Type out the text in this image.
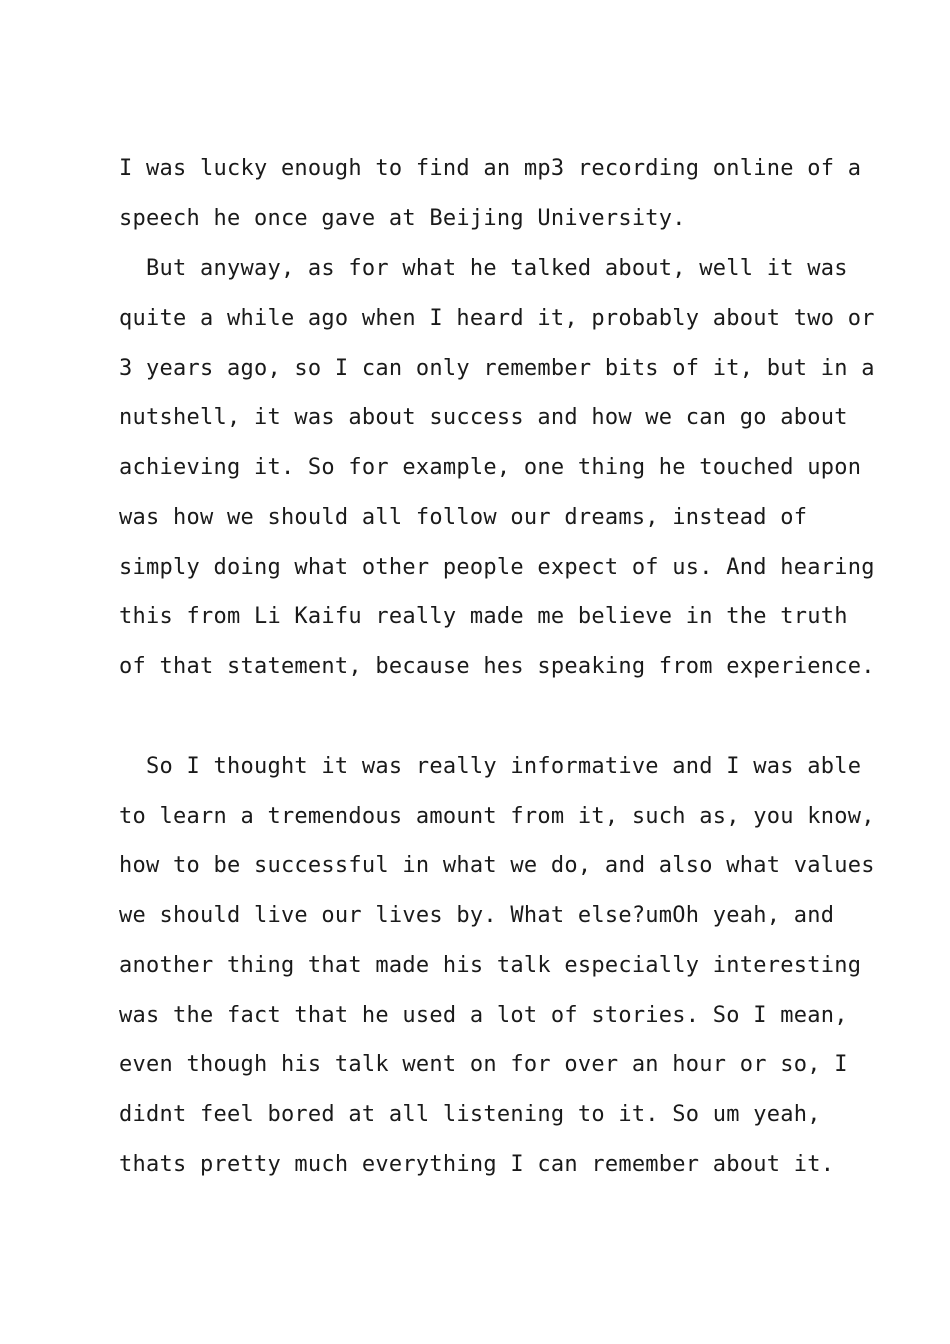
I was lucky enough to find an mp3 recording online of a
speech he once gave at Beijing University.
But anyway, as for what he talked about, well it was
quite a while ago when I heard it, probably about two or
3 years ago, so I can only remember bits of it, but in a
nutshell, it was about success and how we can go about
achieving it. So for example, one thing he touched upon
was how we should all follow our dreams, instead of
simply doing what other people expect of us. And hearing
this from Li Kaifu really made me believe in the truth
of that statement, because hes speaking from experience.
So I thought it was really informative and I was able
to learn a tremendous amount from it, such as, you know,
how to be successful in what we do, and also what values
we should live our lives by. What else?umOh yeah, and
another thing that made his talk especially interesting
was the fact that he used a lot of stories. So I mean,
even though his talk went on for over an hour or so, I
didnt feel bored at all listening to it. So um yeah,
thats pretty much everything I can remember about it.
